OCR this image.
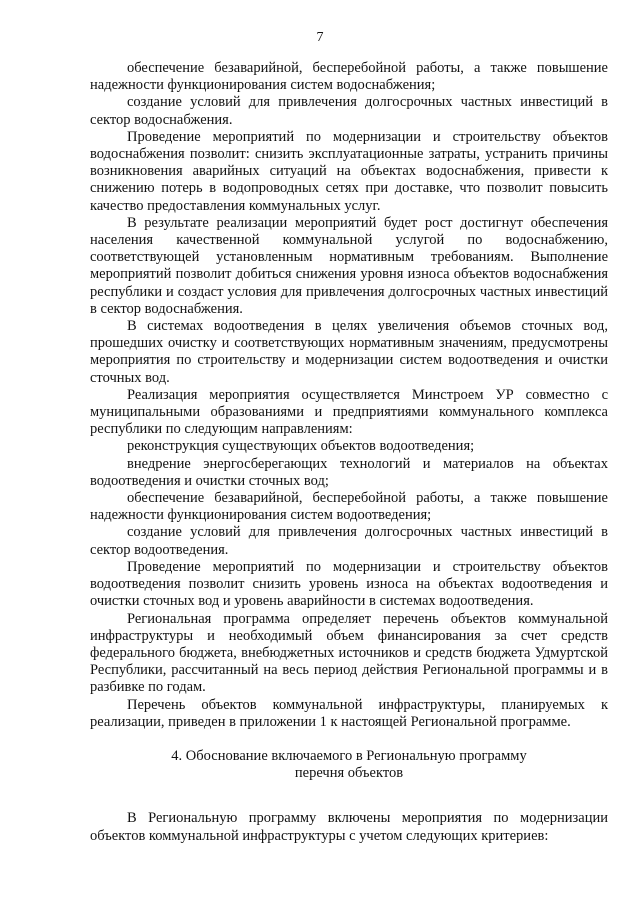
7

обеспечение безаварийной, бесперебойной работы, а также повышение надежности функционирования систем водоснабжения;

создание условий для привлечения долгосрочных частных инвестиций в сектор водоснабжения.

Проведение мероприятий по модернизации и строительству объектов водоснабжения позволит: снизить эксплуатационные затраты, устранить причины возникновения аварийных ситуаций на объектах водоснабжения, привести к снижению потерь в водопроводных сетях при доставке, что позволит повысить качество предоставления коммунальных услуг.

В результате реализации мероприятий будет рост достигнут обеспечения населения качественной коммунальной услугой по водоснабжению, соответствующей установленным нормативным требованиям. Выполнение мероприятий позволит добиться снижения уровня износа объектов водоснабжения республики и создаст условия для привлечения долгосрочных частных инвестиций в сектор водоснабжения.

В системах водоотведения в целях увеличения объемов сточных вод, прошедших очистку и соответствующих нормативным значениям, предусмотрены мероприятия по строительству и модернизации систем водоотведения и очистки сточных вод.

Реализация мероприятия осуществляется Минстроем УР совместно с муниципальными образованиями и предприятиями коммунального комплекса республики по следующим направлениям:

реконструкция существующих объектов водоотведения;

внедрение энергосберегающих технологий и материалов на объектах водоотведения и очистки сточных вод;

обеспечение безаварийной, бесперебойной работы, а также повышение надежности функционирования систем водоотведения;

создание условий для привлечения долгосрочных частных инвестиций в сектор водоотведения.

Проведение мероприятий по модернизации и строительству объектов водоотведения позволит снизить уровень износа на объектах водоотведения и очистки сточных вод и уровень аварийности в системах водоотведения.

Региональная программа определяет перечень объектов коммунальной инфраструктуры и необходимый объем финансирования за счет средств федерального бюджета, внебюджетных источников и средств бюджета Удмуртской Республики, рассчитанный на весь период действия Региональной программы и в разбивке по годам.

Перечень объектов коммунальной инфраструктуры, планируемых к реализации, приведен в приложении 1 к настоящей Региональной программе.

4. Обоснование включаемого в Региональную программу
перечня объектов

В Региональную программу включены мероприятия по модернизации объектов коммунальной инфраструктуры с учетом следующих критериев:
